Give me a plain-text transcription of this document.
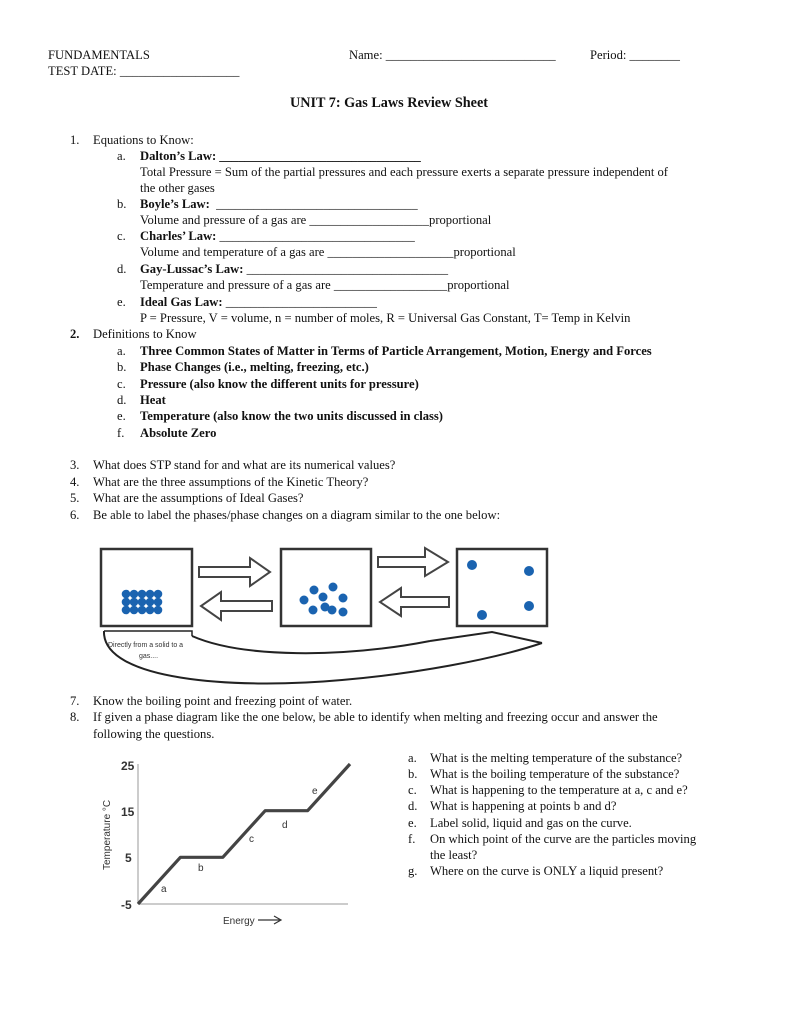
FUNDAMENTALS
TEST DATE: ___________________
Name: ___________________________	Period: ________
UNIT 7: Gas Laws Review Sheet
1. Equations to Know:
a. Dalton’s Law: ________________________________
Total Pressure = Sum of the partial pressures and each pressure exerts a separate pressure independent of
the other gases
b. Boyle’s Law: ________________________________
Volume and pressure of a gas are ___________________proportional
c. Charles’ Law: _______________________________
Volume and temperature of a gas are ____________________proportional
d. Gay-Lussac’s Law: ________________________________
Temperature and pressure of a gas are __________________proportional
e. Ideal Gas Law: ________________________
P = Pressure, V = volume, n = number of moles, R = Universal Gas Constant, T= Temp in Kelvin
2. Definitions to Know
a. Three Common States of Matter in Terms of Particle Arrangement, Motion, Energy and Forces
b. Phase Changes (i.e., melting, freezing, etc.)
c. Pressure (also know the different units for pressure)
d. Heat
e. Temperature (also know the two units discussed in class)
f. Absolute Zero
3. What does STP stand for and what are its numerical values?
4. What are the three assumptions of the Kinetic Theory?
5. What are the assumptions of Ideal Gases?
6. Be able to label the phases/phase changes on a diagram similar to the one below:
Directly from a solid to a
gas....
7. Know the boiling point and freezing point of water.
8. If given a phase diagram like the one below, be able to identify when melting and freezing occur and answer the
following the questions.
25
15
5
-5
Temperature °C
Energy
a
b
c
d
e
a. What is the melting temperature of the substance?
b. What is the boiling temperature of the substance?
c. What is happening to the temperature at a, c and e?
d. What is happening at points b and d?
e. Label solid, liquid and gas on the curve.
f. On which point of the curve are the particles moving
the least?
g. Where on the curve is ONLY a liquid present?
